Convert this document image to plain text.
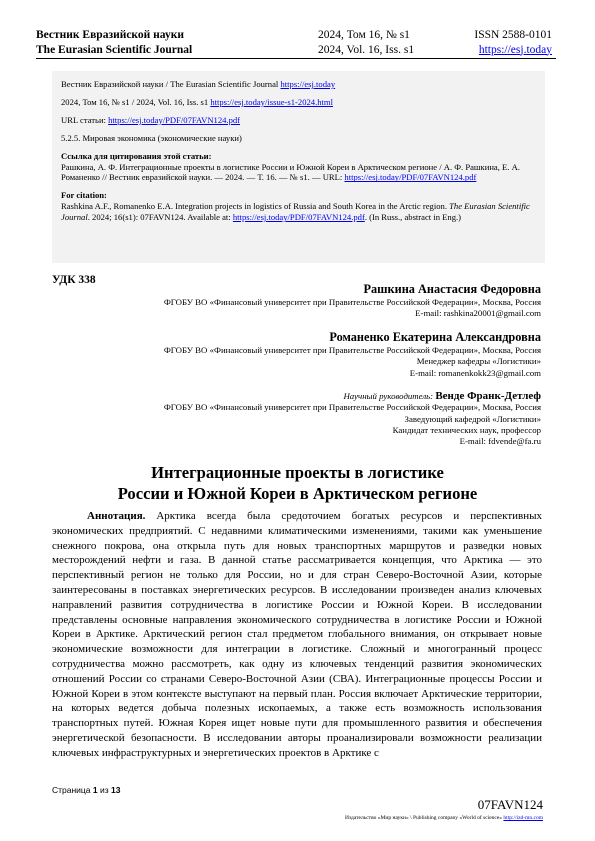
Вестник Евразийской науки
The Eurasian Scientific Journal
2024, Том 16, № s1
2024, Vol. 16, Iss. s1
ISSN 2588-0101
https://esj.today

Вестник Евразийской науки / The Eurasian Scientific Journal https://esj.today

2024, Том 16, № s1 / 2024, Vol. 16, Iss. s1 https://esj.today/issue-s1-2024.html

URL статьи: https://esj.today/PDF/07FAVN124.pdf

5.2.5. Мировая экономика (экономические науки)

Ссылка для цитирования этой статьи:

Рашкина, А. Ф. Интеграционные проекты в логистике России и Южной Кореи в Арктическом регионе / А. Ф. Рашкина, Е. А. Романенко // Вестник евразийской науки. — 2024. — Т. 16. — № s1. — URL: https://esj.today/PDF/07FAVN124.pdf

For citation:

Rashkina A.F., Romanenko E.A. Integration projects in logistics of Russia and South Korea in the Arctic region. The Eurasian Scientific Journal. 2024; 16(s1): 07FAVN124. Available at: https://esj.today/PDF/07FAVN124.pdf. (In Russ., abstract in Eng.)

УДК 338
Рашкина Анастасия Федоровна
ФГОБУ ВО «Финансовый университет при Правительстве Российской Федерации», Москва, Россия
E-mail: rashkina20001@gmail.com
Романенко Екатерина Александровна
ФГОБУ ВО «Финансовый университет при Правительстве Российской Федерации», Москва, Россия
Менеджер кафедры «Логистики»
E-mail: romanenkokk23@gmail.com
Научный руководитель: Венде Франк-Детлеф
ФГОБУ ВО «Финансовый университет при Правительстве Российской Федерации», Москва, Россия
Заведующий кафедрой «Логистики»
Кандидат технических наук, профессор
E-mail: fdvende@fa.ru
Интеграционные проекты в логистике
России и Южной Кореи в Арктическом регионе

Аннотация. Арктика всегда была средоточием богатых ресурсов и перспективных экономических предприятий. С недавними климатическими изменениями, такими как уменьшение снежного покрова, она открыла путь для новых транспортных маршрутов и разведки новых месторождений нефти и газа. В данной статье рассматривается концепция, что Арктика — это перспективный регион не только для России, но и для стран Северо-Восточной Азии, которые заинтересованы в поставках энергетических ресурсов. В исследовании произведен анализ ключевых направлений развития сотрудничества в логистике России и Южной Кореи. В исследовании представлены основные направления экономического сотрудничества в логистике России и Южной Кореи в Арктике. Арктический регион стал предметом глобального внимания, он открывает новые экономические возможности для интеграции в логистике. Сложный и многогранный процесс сотрудничества можно рассмотреть, как одну из ключевых тенденций развития экономических отношений России со странами Северо-Восточной Азии (СВА). Интеграционные процессы России и Южной Кореи в этом контексте выступают на первый план. Россия включает Арктические территории, на которых ведется добыча полезных ископаемых, а также есть возможность использования транспортных путей. Южная Корея ищет новые пути для промышленного развития и обеспечения энергетической безопасности. В исследовании авторы проанализировали возможности реализации ключевых инфраструктурных и энергетических проектов в Арктике с

Страница 1 из 13
07FAVN124
Издательство «Мир науки» \ Publishing company «World of science» http://izd-mn.com
